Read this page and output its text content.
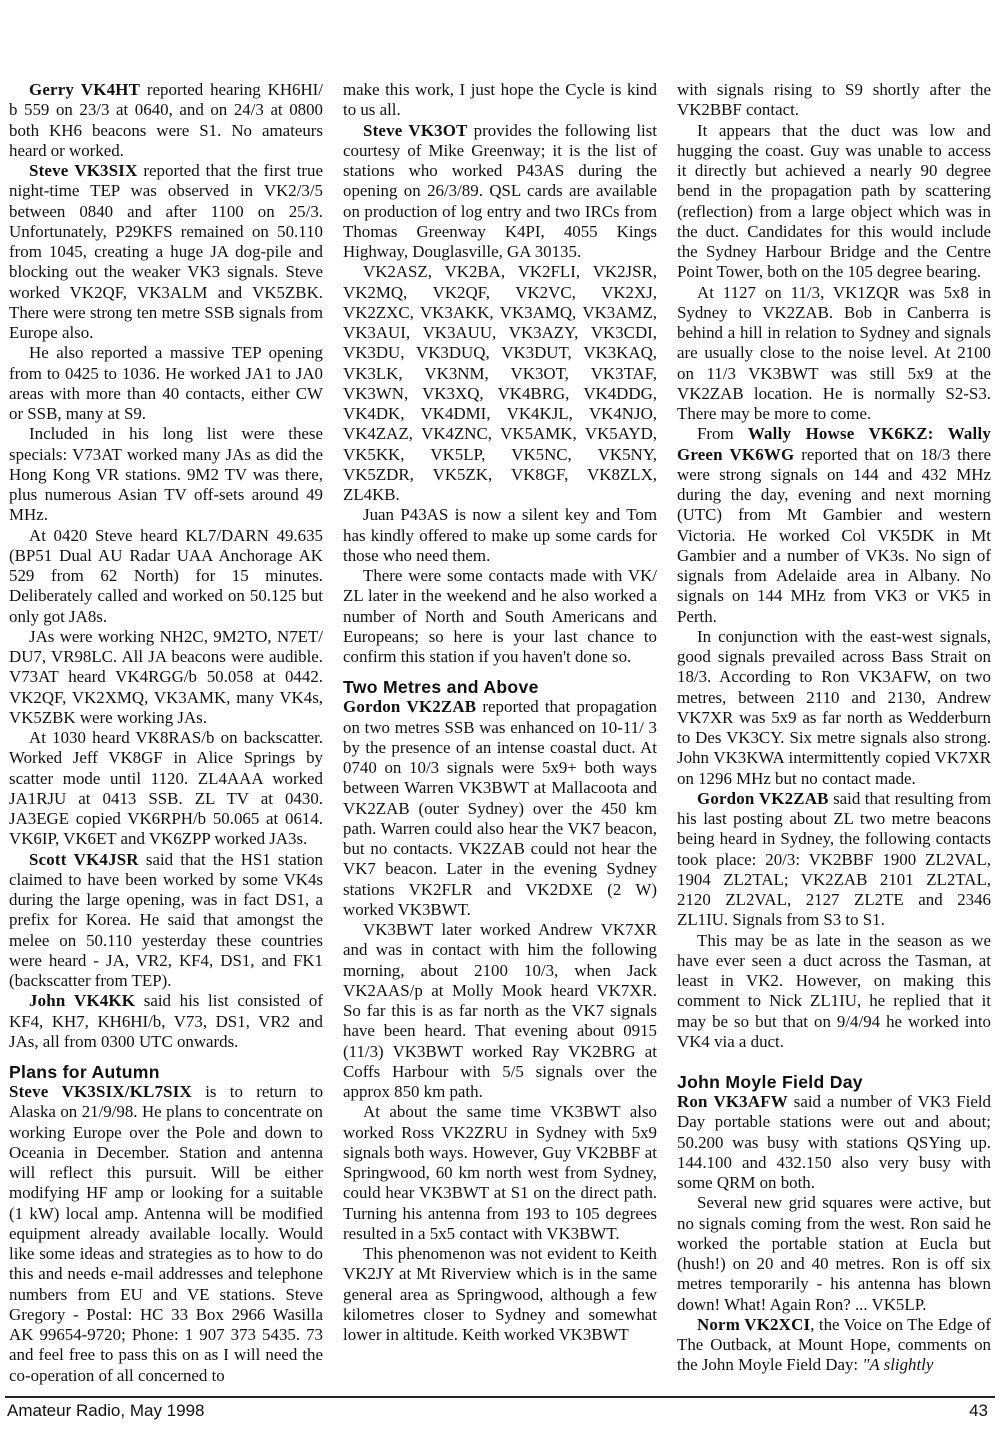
Gerry VK4HT reported hearing KH6HI/ b 559 on 23/3 at 0640, and on 24/3 at 0800 both KH6 beacons were S1. No amateurs heard or worked.

Steve VK3SIX reported that the first true night-time TEP was observed in VK2/3/5 between 0840 and after 1100 on 25/3. Unfortunately, P29KFS remained on 50.110 from 1045, creating a huge JA dog-pile and blocking out the weaker VK3 signals. Steve worked VK2QF, VK3ALM and VK5ZBK. There were strong ten metre SSB signals from Europe also.

He also reported a massive TEP opening from to 0425 to 1036. He worked JA1 to JA0 areas with more than 40 contacts, either CW or SSB, many at S9.

Included in his long list were these specials: V73AT worked many JAs as did the Hong Kong VR stations. 9M2 TV was there, plus numerous Asian TV off-sets around 49 MHz.

At 0420 Steve heard KL7/DARN 49.635 (BP51 Dual AU Radar UAA Anchorage AK 529 from 62 North) for 15 minutes. Deliberately called and worked on 50.125 but only got JA8s.

JAs were working NH2C, 9M2TO, N7ET/ DU7, VR98LC. All JA beacons were audible. V73AT heard VK4RGG/b 50.058 at 0442. VK2QF, VK2XMQ, VK3AMK, many VK4s, VK5ZBK were working JAs.

At 1030 heard VK8RAS/b on backscatter. Worked Jeff VK8GF in Alice Springs by scatter mode until 1120. ZL4AAA worked JA1RJU at 0413 SSB. ZL TV at 0430. JA3EGE copied VK6RPH/b 50.065 at 0614. VK6IP, VK6ET and VK6ZPP worked JA3s.

Scott VK4JSR said that the HS1 station claimed to have been worked by some VK4s during the large opening, was in fact DS1, a prefix for Korea. He said that amongst the melee on 50.110 yesterday these countries were heard - JA, VR2, KF4, DS1, and FK1 (backscatter from TEP).

John VK4KK said his list consisted of KF4, KH7, KH6HI/b, V73, DS1, VR2 and JAs, all from 0300 UTC onwards.

Plans for Autumn

Steve VK3SIX/KL7SIX is to return to Alaska on 21/9/98. He plans to concentrate on working Europe over the Pole and down to Oceania in December. Station and antenna will reflect this pursuit. Will be either modifying HF amp or looking for a suitable (1 kW) local amp. Antenna will be modified equipment already available locally. Would like some ideas and strategies as to how to do this and needs e-mail addresses and telephone numbers from EU and VE stations. Steve Gregory - Postal: HC 33 Box 2966 Wasilla AK 99654-9720; Phone: 1 907 373 5435. 73 and feel free to pass this on as I will need the co-operation of all concerned to

make this work, I just hope the Cycle is kind to us all.

Steve VK3OT provides the following list courtesy of Mike Greenway; it is the list of stations who worked P43AS during the opening on 26/3/89. QSL cards are available on production of log entry and two IRCs from Thomas Greenway K4PI, 4055 Kings Highway, Douglasville, GA 30135.

VK2ASZ, VK2BA, VK2FLI, VK2JSR, VK2MQ, VK2QF, VK2VC, VK2XJ, VK2ZXC, VK3AKK, VK3AMQ, VK3AMZ, VK3AUI, VK3AUU, VK3AZY, VK3CDI, VK3DU, VK3DUQ, VK3DUT, VK3KAQ, VK3LK, VK3NM, VK3OT, VK3TAF, VK3WN, VK3XQ, VK4BRG, VK4DDG, VK4DK, VK4DMI, VK4KJL, VK4NJO, VK4ZAZ, VK4ZNC, VK5AMK, VK5AYD, VK5KK, VK5LP, VK5NC, VK5NY, VK5ZDR, VK5ZK, VK8GF, VK8ZLX, ZL4KB.

Juan P43AS is now a silent key and Tom has kindly offered to make up some cards for those who need them.

There were some contacts made with VK/ ZL later in the weekend and he also worked a number of North and South Americans and Europeans; so here is your last chance to confirm this station if you haven't done so.

Two Metres and Above

Gordon VK2ZAB reported that propagation on two metres SSB was enhanced on 10-11/ 3 by the presence of an intense coastal duct. At 0740 on 10/3 signals were 5x9+ both ways between Warren VK3BWT at Mallacoota and VK2ZAB (outer Sydney) over the 450 km path. Warren could also hear the VK7 beacon, but no contacts. VK2ZAB could not hear the VK7 beacon. Later in the evening Sydney stations VK2FLR and VK2DXE (2 W) worked VK3BWT.

VK3BWT later worked Andrew VK7XR and was in contact with him the following morning, about 2100 10/3, when Jack VK2AAS/p at Molly Mook heard VK7XR. So far this is as far north as the VK7 signals have been heard. That evening about 0915 (11/3) VK3BWT worked Ray VK2BRG at Coffs Harbour with 5/5 signals over the approx 850 km path.

At about the same time VK3BWT also worked Ross VK2ZRU in Sydney with 5x9 signals both ways. However, Guy VK2BBF at Springwood, 60 km north west from Sydney, could hear VK3BWT at S1 on the direct path. Turning his antenna from 193 to 105 degrees resulted in a 5x5 contact with VK3BWT.

This phenomenon was not evident to Keith VK2JY at Mt Riverview which is in the same general area as Springwood, although a few kilometres closer to Sydney and somewhat lower in altitude. Keith worked VK3BWT

with signals rising to S9 shortly after the VK2BBF contact.

It appears that the duct was low and hugging the coast. Guy was unable to access it directly but achieved a nearly 90 degree bend in the propagation path by scattering (reflection) from a large object which was in the duct. Candidates for this would include the Sydney Harbour Bridge and the Centre Point Tower, both on the 105 degree bearing.

At 1127 on 11/3, VK1ZQR was 5x8 in Sydney to VK2ZAB. Bob in Canberra is behind a hill in relation to Sydney and signals are usually close to the noise level. At 2100 on 11/3 VK3BWT was still 5x9 at the VK2ZAB location. He is normally S2-S3. There may be more to come.

From Wally Howse VK6KZ: Wally Green VK6WG reported that on 18/3 there were strong signals on 144 and 432 MHz during the day, evening and next morning (UTC) from Mt Gambier and western Victoria. He worked Col VK5DK in Mt Gambier and a number of VK3s. No sign of signals from Adelaide area in Albany. No signals on 144 MHz from VK3 or VK5 in Perth.

In conjunction with the east-west signals, good signals prevailed across Bass Strait on 18/3. According to Ron VK3AFW, on two metres, between 2110 and 2130, Andrew VK7XR was 5x9 as far north as Wedderburn to Des VK3CY. Six metre signals also strong. John VK3KWA intermittently copied VK7XR on 1296 MHz but no contact made.

Gordon VK2ZAB said that resulting from his last posting about ZL two metre beacons being heard in Sydney, the following contacts took place: 20/3: VK2BBF 1900 ZL2VAL, 1904 ZL2TAL; VK2ZAB 2101 ZL2TAL, 2120 ZL2VAL, 2127 ZL2TE and 2346 ZL1IU. Signals from S3 to S1.

This may be as late in the season as we have ever seen a duct across the Tasman, at least in VK2. However, on making this comment to Nick ZL1IU, he replied that it may be so but that on 9/4/94 he worked into VK4 via a duct.

John Moyle Field Day

Ron VK3AFW said a number of VK3 Field Day portable stations were out and about; 50.200 was busy with stations QSYing up. 144.100 and 432.150 also very busy with some QRM on both.

Several new grid squares were active, but no signals coming from the west. Ron said he worked the portable station at Eucla but (hush!) on 20 and 40 metres. Ron is off six metres temporarily - his antenna has blown down! What! Again Ron? ... VK5LP.

Norm VK2XCI, the Voice on The Edge of The Outback, at Mount Hope, comments on the John Moyle Field Day: "A slightly

Amateur Radio, May 1998	43
